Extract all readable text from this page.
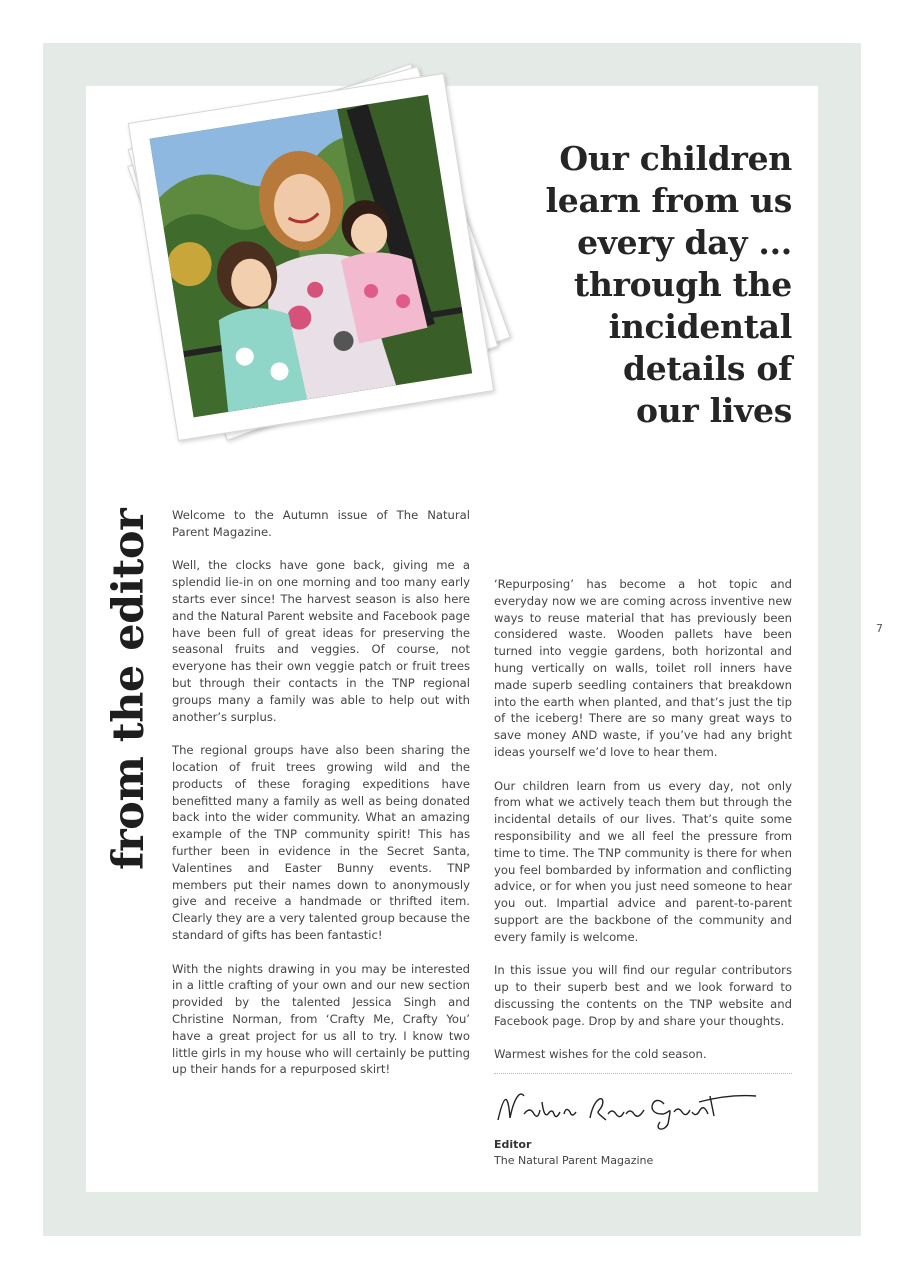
7
Our children
learn from us
every day ...
through the
incidental
details of
our lives
from the editor Welcome to the Autumn issue of The Natural Parent Magazine.

Well, the clocks have gone back, giving me a splendid lie-in on one morning and too many early starts ever since! The harvest season is also here and the Natural Parent website and Facebook page have been full of great ideas for preserving the seasonal fruits and veggies. Of course, not everyone has their own veggie patch or fruit trees but through their contacts in the TNP regional groups many a family was able to help out with another’s surplus.

The regional groups have also been sharing the location of fruit trees growing wild and the products of these foraging expeditions have benefitted many a family as well as being donated back into the wider community. What an amazing example of the TNP community spirit! This has further been in evidence in the Secret Santa, Valentines and Easter Bunny events. TNP members put their names down to anonymously give and receive a handmade or thrifted item. Clearly they are a very talented group because the standard of gifts has been fantastic!

With the nights drawing in you may be interested in a little crafting of your own and our new section provided by the talented Jessica Singh and Christine Norman, from ‘Crafty Me, Crafty You’ have a great project for us all to try. I know two little girls in my house who will certainly be putting up their hands for a repurposed skirt!

‘Repurposing’ has become a hot topic and everyday now we are coming across inventive new ways to reuse material that has previously been considered waste. Wooden pallets have been turned into veggie gardens, both horizontal and hung vertically on walls, toilet roll inners have made superb seedling containers that breakdown into the earth when planted, and that’s just the tip of the iceberg! There are so many great ways to save money AND waste, if you’ve had any bright ideas yourself we’d love to hear them.

Our children learn from us every day, not only from what we actively teach them but through the incidental details of our lives. That’s quite some responsibility and we all feel the pressure from time to time. The TNP community is there for when you feel bombarded by information and conflicting advice, or for when you just need someone to hear you out. Impartial advice and parent-to-parent support are the backbone of the community and every family is welcome.

In this issue you will find our regular contributors up to their superb best and we look forward to discussing the contents on the TNP website and Facebook page. Drop by and share your thoughts.

Warmest wishes for the cold season.

Editor
The Natural Parent Magazine
